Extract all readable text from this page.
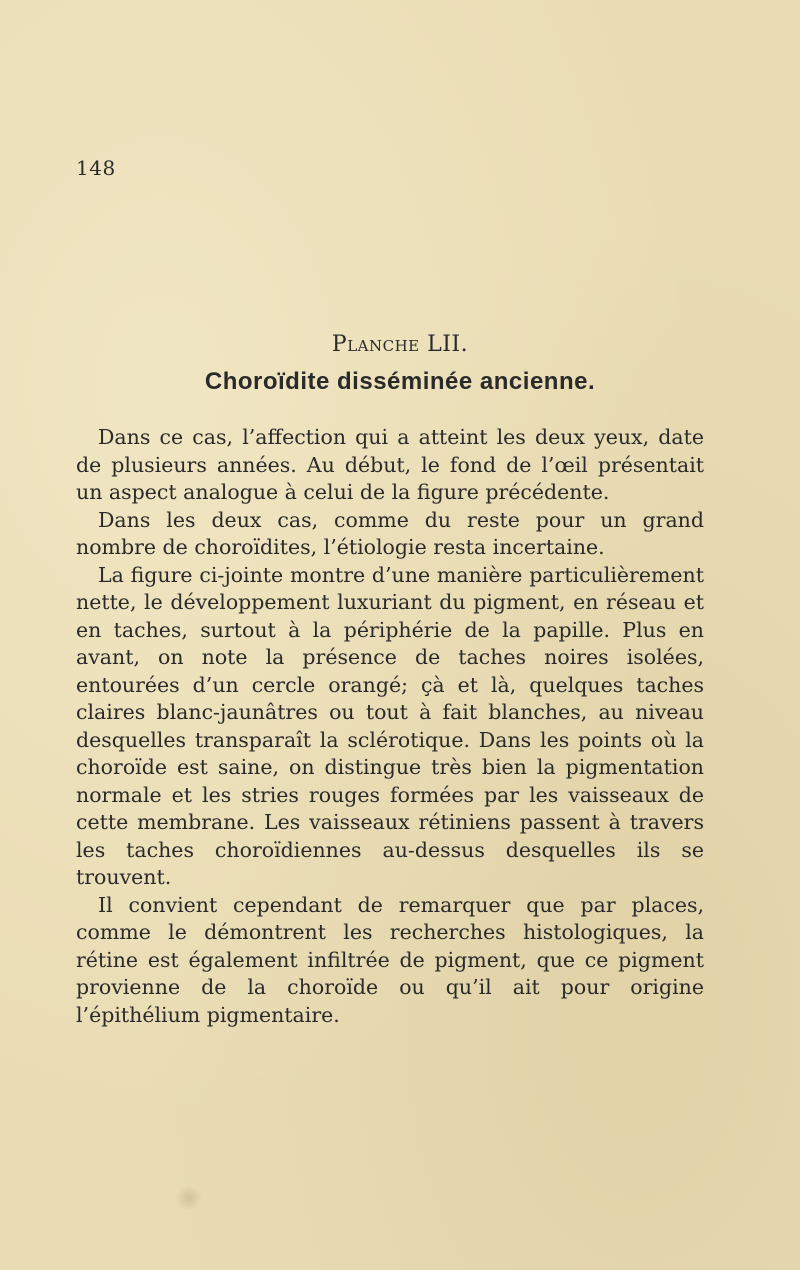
148
Planche LII.
Choroïdite disséminée ancienne.

Dans ce cas, l’affection qui a atteint les deux yeux, date de plusieurs années. Au début, le fond de l’œil présentait un aspect analogue à celui de la figure précédente.

Dans les deux cas, comme du reste pour un grand nombre de choroïdites, l’étiologie resta incertaine.

La figure ci-jointe montre d’une manière particulièrement nette, le développement luxuriant du pigment, en réseau et en taches, surtout à la périphérie de la papille. Plus en avant, on note la présence de taches noires isolées, entourées d’un cercle orangé; çà et là, quelques taches claires blanc-jaunâtres ou tout à fait blanches, au niveau desquelles transparaît la sclérotique. Dans les points où la choroïde est saine, on distingue très bien la pigmentation normale et les stries rouges formées par les vaisseaux de cette membrane. Les vaisseaux rétiniens passent à travers les taches choroïdiennes au-dessus desquelles ils se trouvent.

Il convient cependant de remarquer que par places, comme le démontrent les recherches histologiques, la rétine est également infiltrée de pigment, que ce pigment provienne de la choroïde ou qu’il ait pour origine l’épithélium pigmentaire.
